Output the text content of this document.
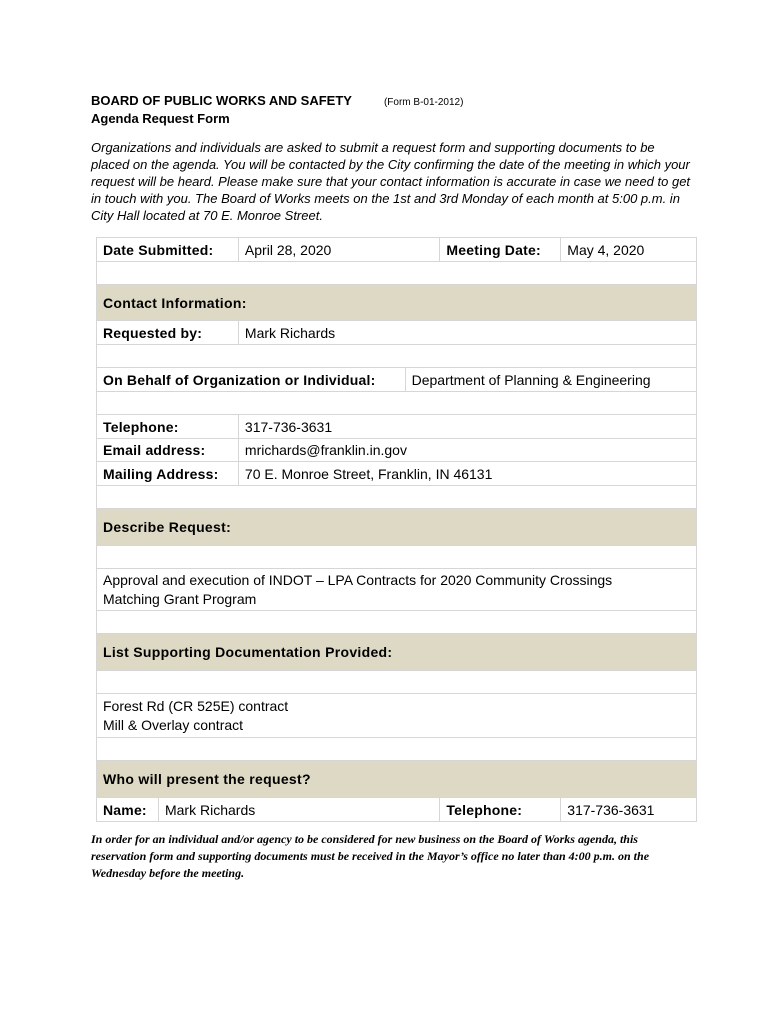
BOARD OF PUBLIC WORKS AND SAFETY	(Form B-01-2012)
Agenda Request Form
Organizations and individuals are asked to submit a request form and supporting documents to be placed on the agenda. You will be contacted by the City confirming the date of the meeting in which your request will be heard. Please make sure that your contact information is accurate in case we need to get in touch with you. The Board of Works meets on the 1st and 3rd Monday of each month at 5:00 p.m. in City Hall located at 70 E. Monroe Street.
Date Submitted:		April 28, 2020		Meeting Date:	May 4, 2020

Contact Information:					
Requested by:		Mark Richards			

On Behalf of Organization or Individual:			Department of Planning & Engineering		

Telephone:		317-736-3631			
Email address:		mrichards@franklin.in.gov			
Mailing Address:		70 E. Monroe Street, Franklin, IN 46131			

Describe Request:					

Approval and execution of INDOT – LPA Contracts for 2020 Community Crossings
Matching Grant Program					

List Supporting Documentation Provided:					

Forest Rd (CR 525E) contract
Mill & Overlay contract					

Who will present the request?					
Name:	Mark Richards			Telephone:	317-736-3631
In order for an individual and/or agency to be considered for new business on the Board of Works agenda, this reservation form and supporting documents must be received in the Mayor’s office no later than 4:00 p.m. on the Wednesday before the meeting.
